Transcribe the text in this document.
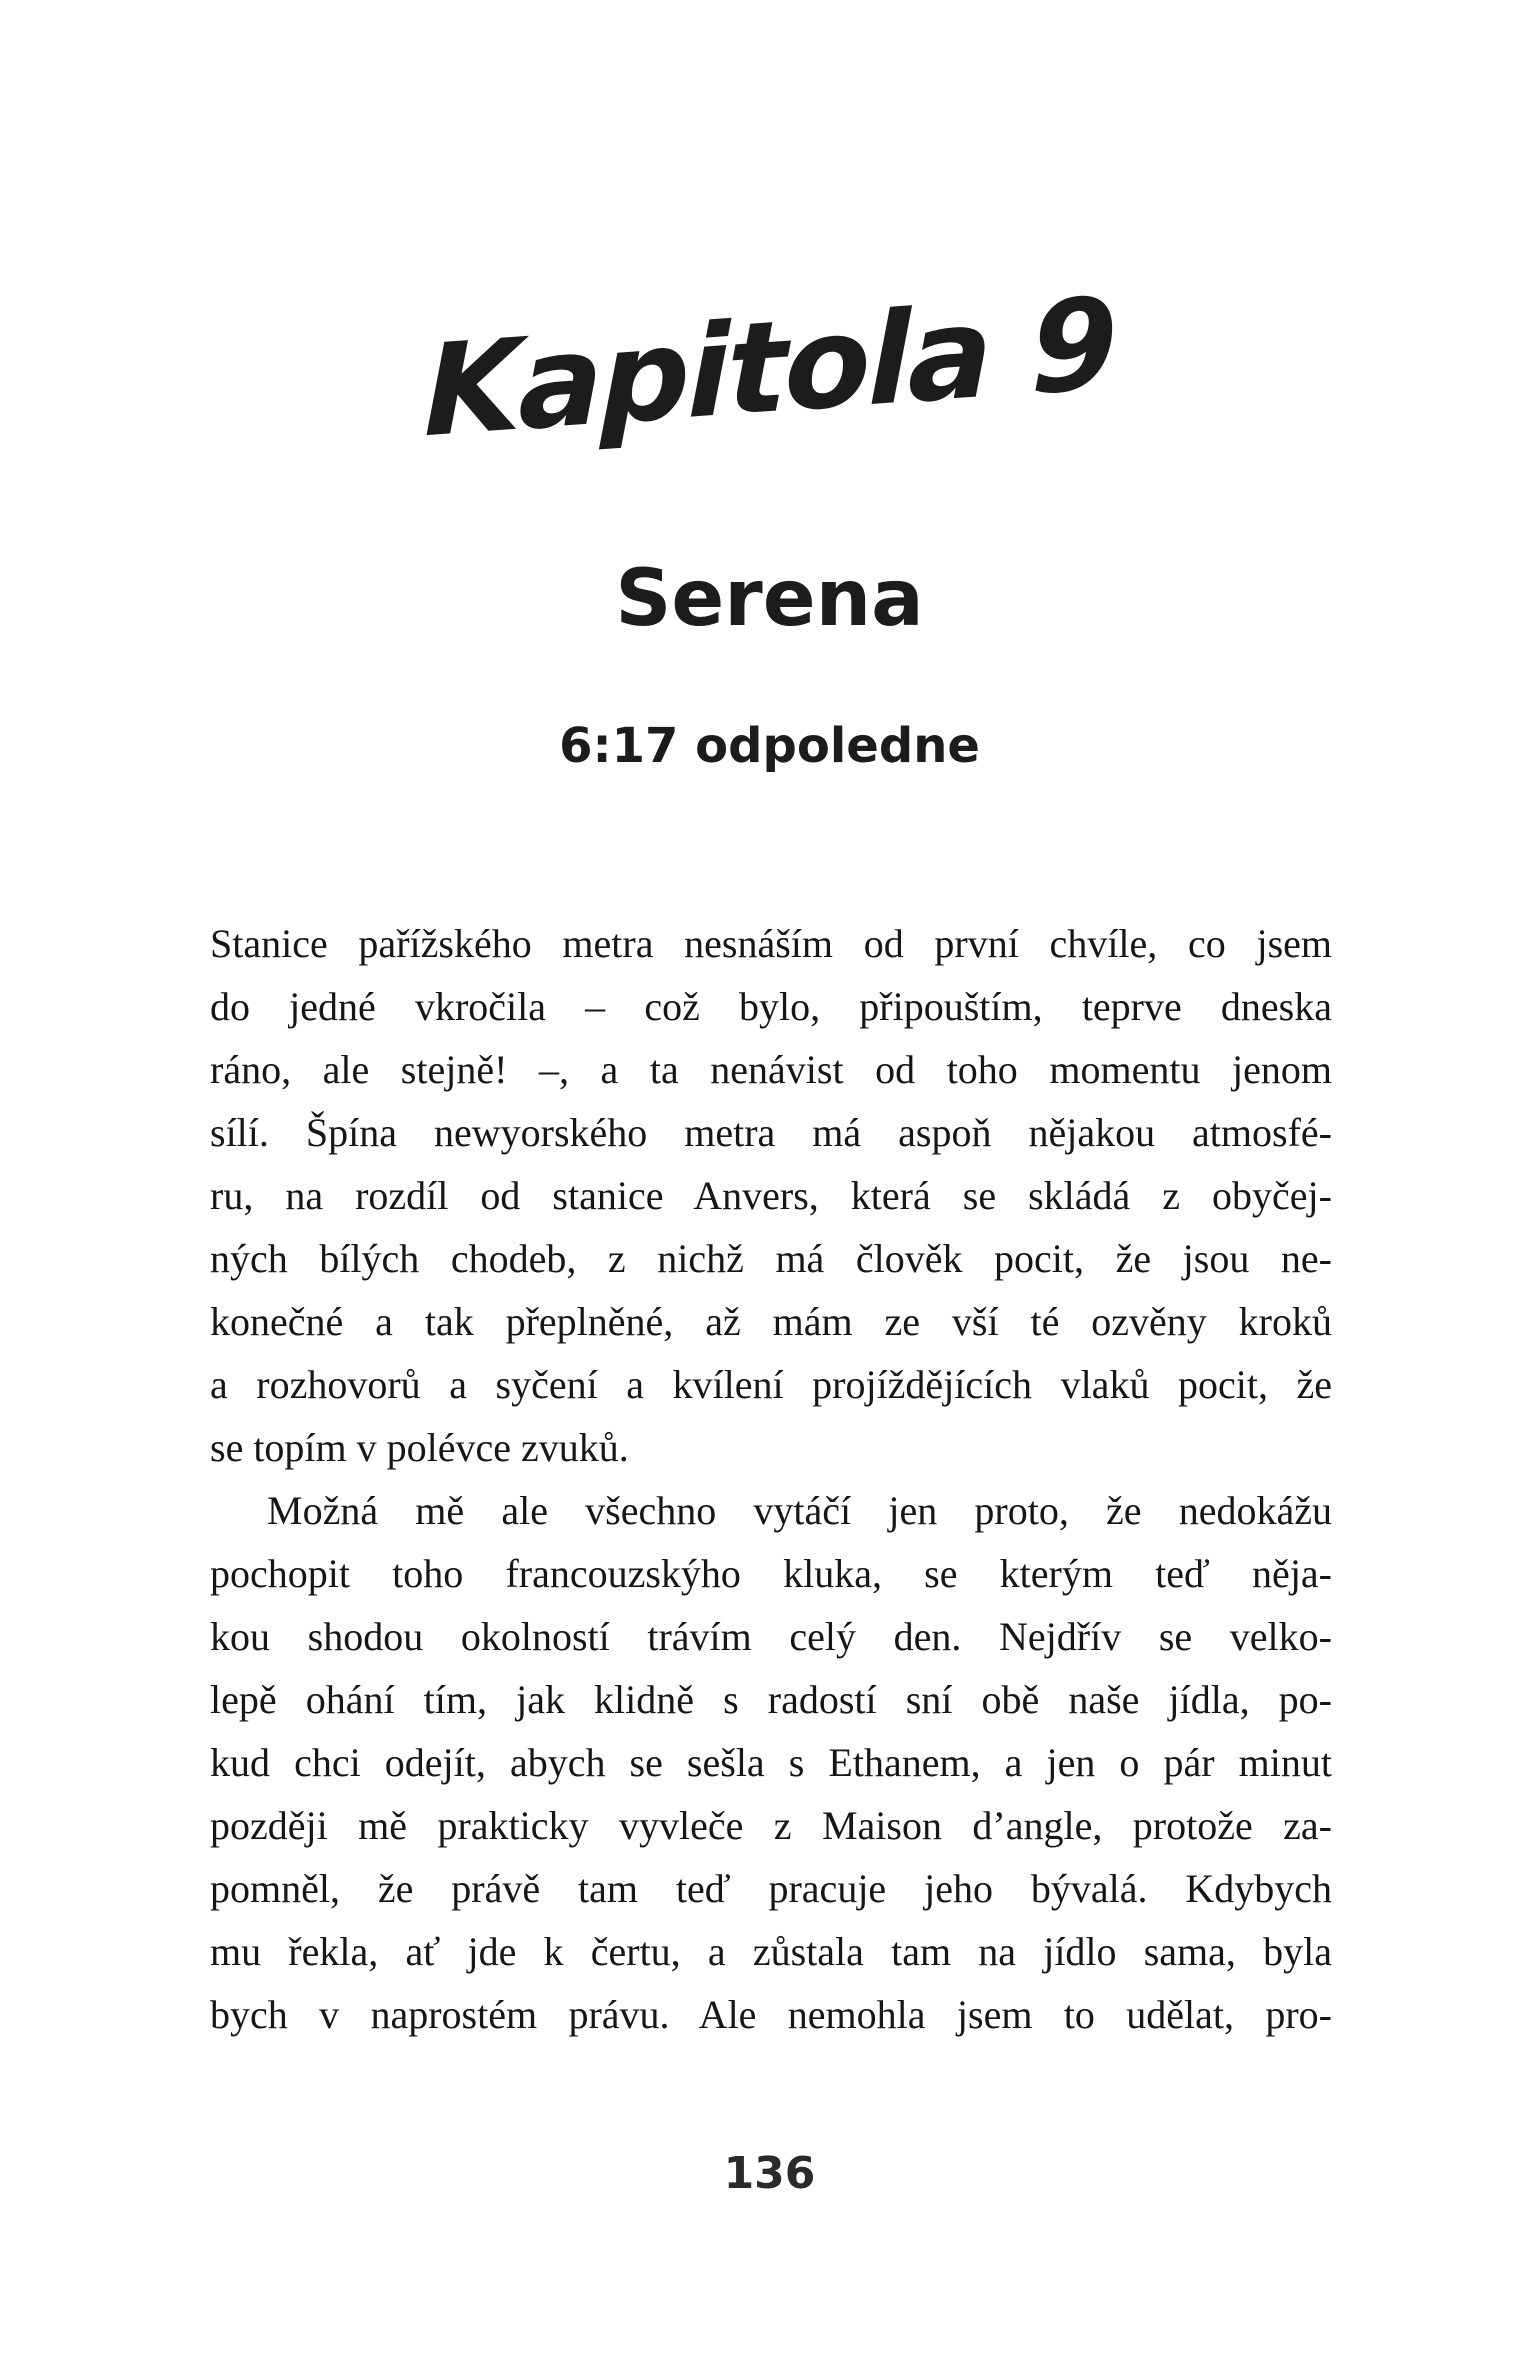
Kapitola 9
Serena
6:17 odpoledne
Stanice pařížského metra nesnáším od první chvíle, co jsem
do jedné vkročila – což bylo, připouštím, teprve dneska
ráno, ale stejně! –, a ta nenávist od toho momentu jenom
sílí. Špína newyorského metra má aspoň nějakou atmosfé-
ru, na rozdíl od stanice Anvers, která se skládá z obyčej-
ných bílých chodeb, z nichž má člověk pocit, že jsou ne-
konečné a tak přeplněné, až mám ze vší té ozvěny kroků
a rozhovorů a syčení a kvílení projíždějících vlaků pocit, že
se topím v polévce zvuků.
Možná mě ale všechno vytáčí jen proto, že nedokážu
pochopit toho francouzskýho kluka, se kterým teď něja-
kou shodou okolností trávím celý den. Nejdřív se velko-
lepě ohání tím, jak klidně s radostí sní obě naše jídla, po-
kud chci odejít, abych se sešla s Ethanem, a jen o pár minut
později mě prakticky vyvleče z Maison d’angle, protože za-
pomněl, že právě tam teď pracuje jeho bývalá. Kdybych
mu řekla, ať jde k čertu, a zůstala tam na jídlo sama, byla
bych v naprostém právu. Ale nemohla jsem to udělat, pro-
136
